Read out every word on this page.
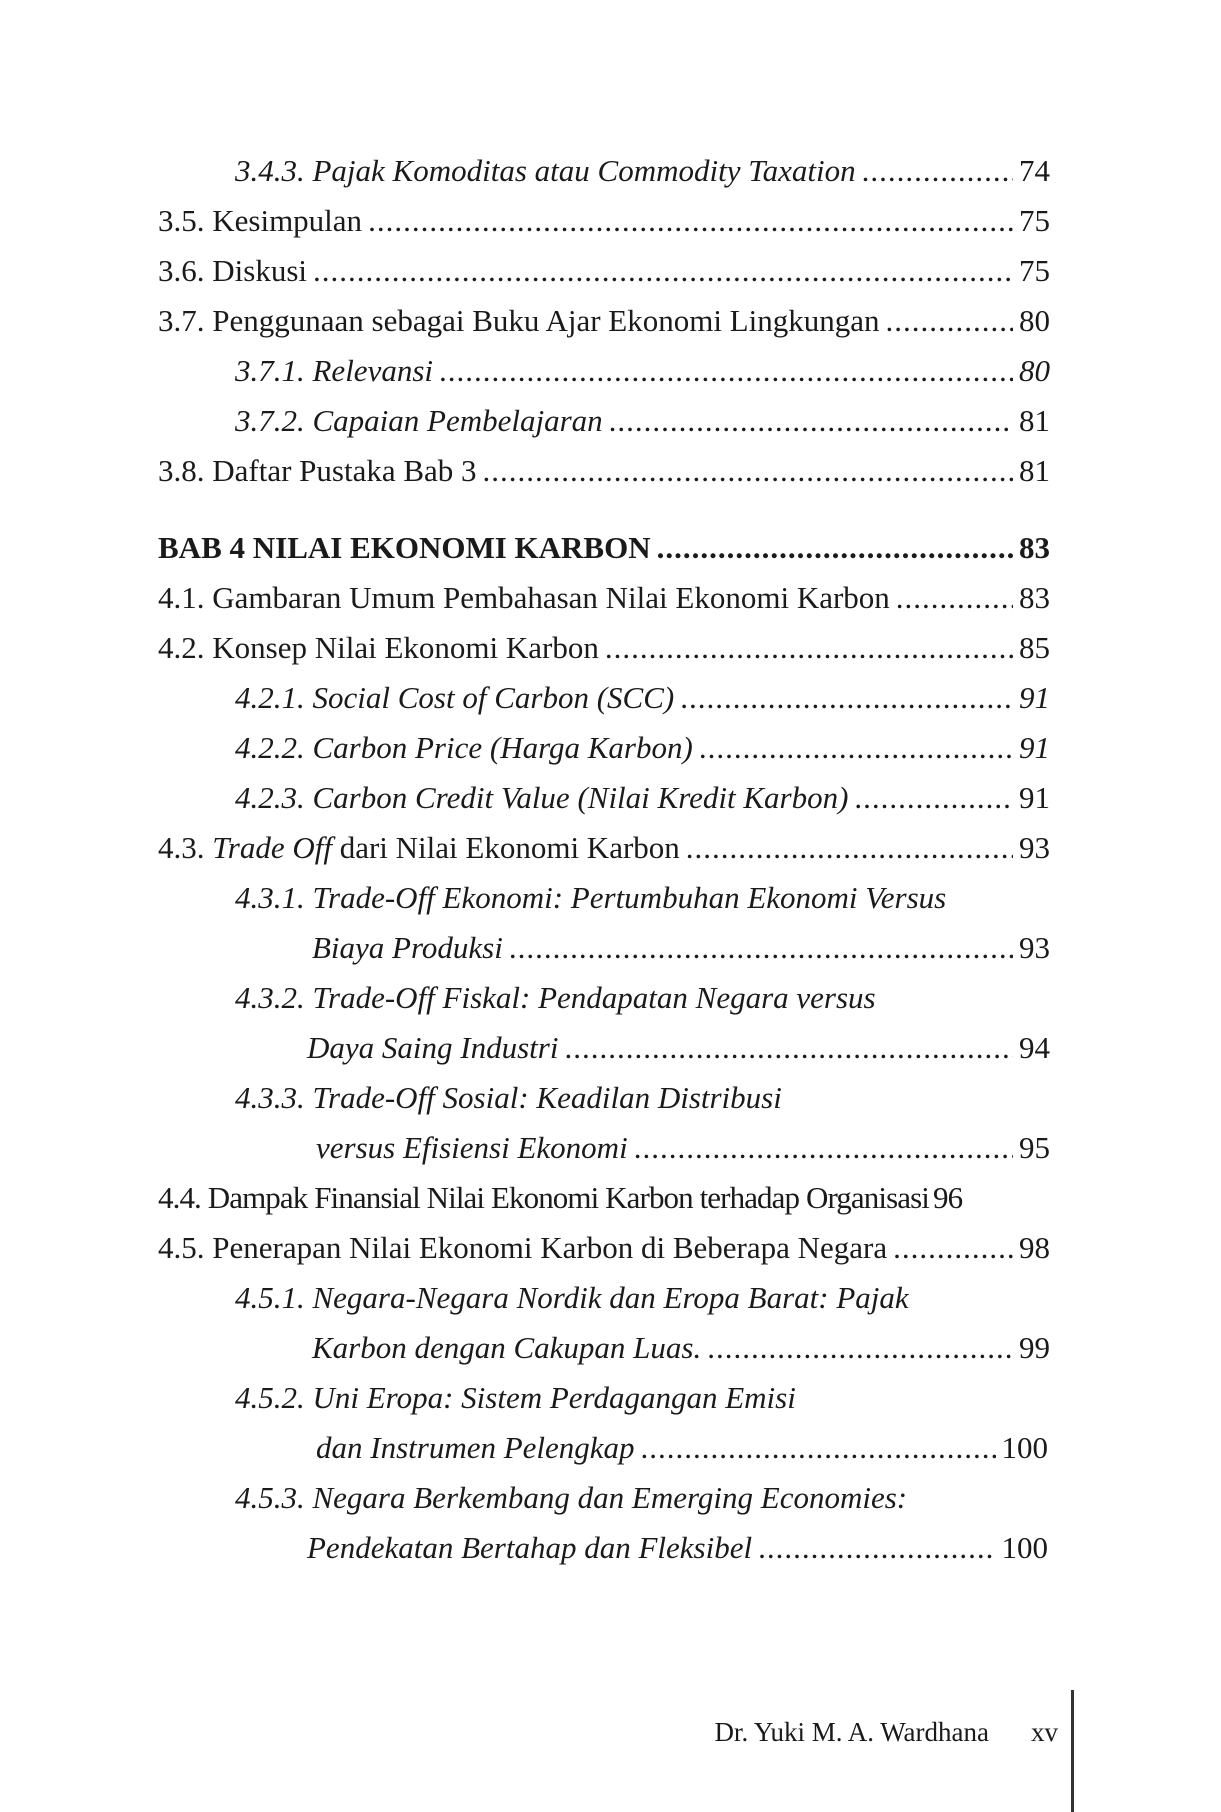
3.4.3. Pajak Komoditas atau Commodity Taxation .....	74
3.5. Kesimpulan .....	75
3.6. Diskusi .....	75
3.7. Penggunaan sebagai Buku Ajar Ekonomi Lingkungan .....	80
3.7.1. Relevansi .....	80
3.7.2. Capaian Pembelajaran .....	81
3.8. Daftar Pustaka Bab 3 .....	81
BAB 4 NILAI EKONOMI KARBON .....	83
4.1. Gambaran Umum Pembahasan Nilai Ekonomi Karbon .....	83
4.2. Konsep Nilai Ekonomi Karbon .....	85
4.2.1. Social Cost of Carbon (SCC) .....	91
4.2.2. Carbon Price (Harga Karbon) .....	91
4.2.3. Carbon Credit Value (Nilai Kredit Karbon) .....	91
4.3. Trade Off dari Nilai Ekonomi Karbon .....	93
4.3.1. Trade-Off Ekonomi: Pertumbuhan Ekonomi Versus
Biaya Produksi .....	93
4.3.2. Trade-Off Fiskal: Pendapatan Negara versus
Daya Saing Industri .....	94
4.3.3. Trade-Off Sosial: Keadilan Distribusi
versus Efisiensi Ekonomi .....	95
4.4. Dampak Finansial Nilai Ekonomi Karbon terhadap Organisasi 96
4.5. Penerapan Nilai Ekonomi Karbon di Beberapa Negara .....	98
4.5.1. Negara-Negara Nordik dan Eropa Barat: Pajak
Karbon dengan Cakupan Luas. .....	99
4.5.2. Uni Eropa: Sistem Perdagangan Emisi
dan Instrumen Pelengkap .....	100
4.5.3. Negara Berkembang dan Emerging Economies:
Pendekatan Bertahap dan Fleksibel .....	100
Dr. Yuki M. A. Wardhana xv
